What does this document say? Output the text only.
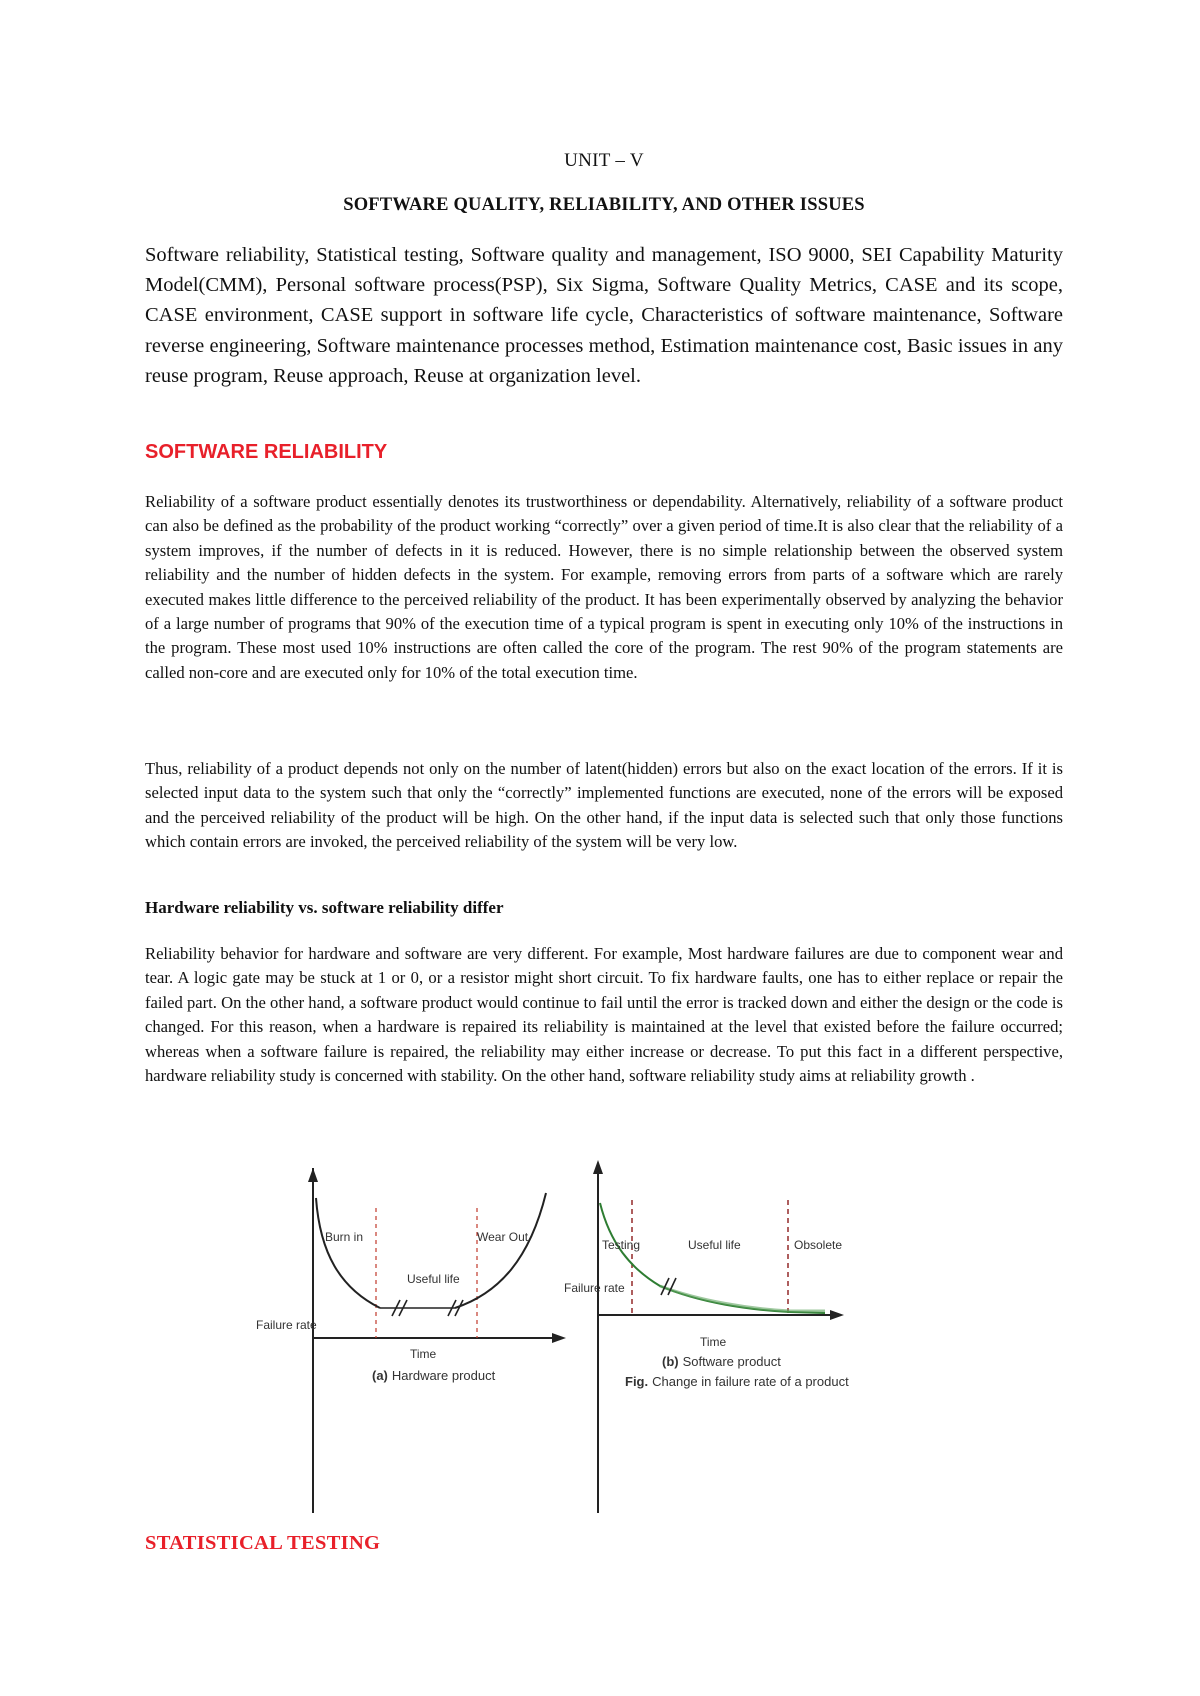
UNIT – V
SOFTWARE QUALITY, RELIABILITY, AND OTHER ISSUES

Software reliability, Statistical testing, Software quality and management, ISO 9000, SEI Capability Maturity Model(CMM), Personal software process(PSP), Six Sigma, Software Quality Metrics, CASE and its scope, CASE environment, CASE support in software life cycle, Characteristics of software maintenance, Software reverse engineering, Software maintenance processes method, Estimation maintenance cost, Basic issues in any reuse program, Reuse approach, Reuse at organization level.

SOFTWARE RELIABILITY

Reliability of a software product essentially denotes its trustworthiness or dependability. Alternatively, reliability of a software product can also be defined as the probability of the product working “correctly” over a given period of time.It is also clear that the reliability of a system improves, if the number of defects in it is reduced. However, there is no simple relationship between the observed system reliability and the number of hidden defects in the system. For example, removing errors from parts of a software which are rarely executed makes little difference to the perceived reliability of the product. It has been experimentally observed by analyzing the behavior of a large number of programs that 90% of the execution time of a typical program is spent in executing only 10% of the instructions in the program. These most used 10% instructions are often called the core of the program. The rest 90% of the program statements are called non-core and are executed only for 10% of the total execution time.

Thus, reliability of a product depends not only on the number of latent(hidden) errors but also on the exact location of the errors. If it is selected input data to the system such that only the “correctly” implemented functions are executed, none of the errors will be exposed and the perceived reliability of the product will be high. On the other hand, if the input data is selected such that only those functions which contain errors are invoked, the perceived reliability of the system will be very low.

Hardware reliability vs. software reliability differ

Reliability behavior for hardware and software are very different. For example, Most hardware failures are due to component wear and tear. A logic gate may be stuck at 1 or 0, or a resistor might short circuit. To fix hardware faults, one has to either replace or repair the failed part. On the other hand, a software product would continue to fail until the error is tracked down and either the design or the code is changed. For this reason, when a hardware is repaired its reliability is maintained at the level that existed before the failure occurred; whereas when a software failure is repaired, the reliability may either increase or decrease. To put this fact in a different perspective, hardware reliability study is concerned with stability. On the other hand, software reliability study aims at reliability growth .

Burn in	Wear Out
Useful life
Failure rate
Time
(a) Hardware product
Testing	Useful life	Obsolete
Failure rate
Time
(b) Software product
Fig. Change in failure rate of a product
STATISTICAL TESTING
